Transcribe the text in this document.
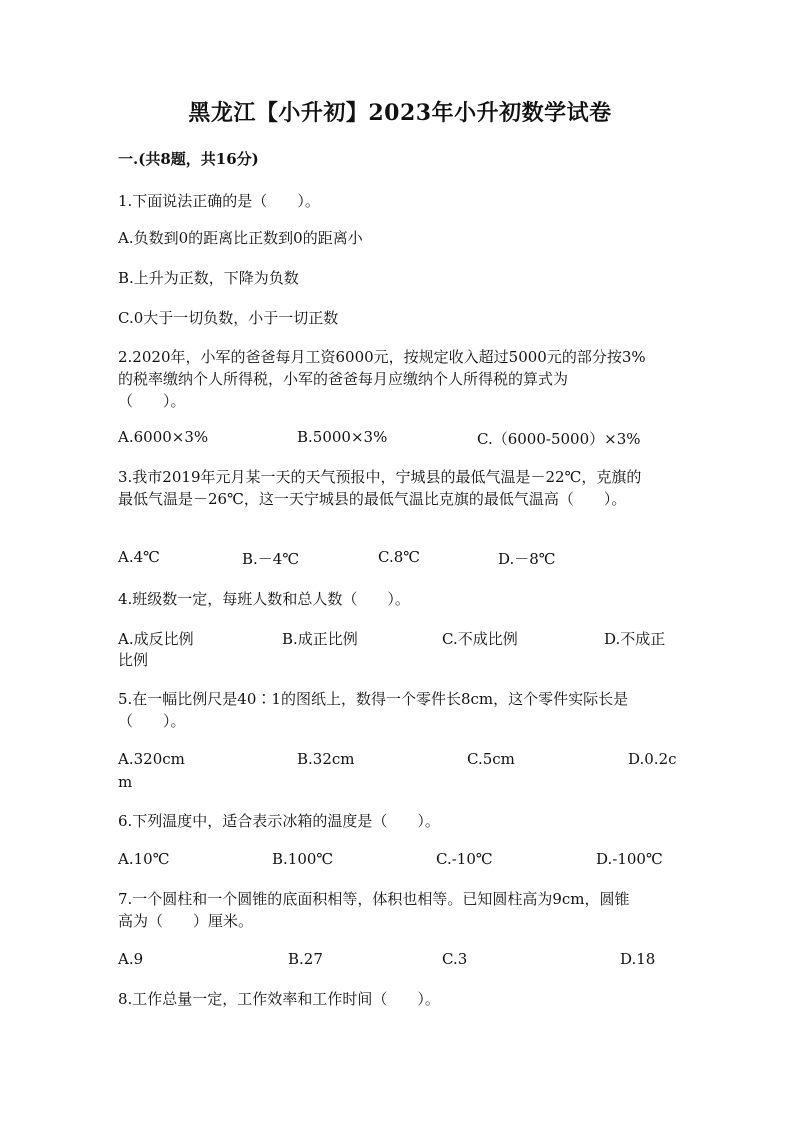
黑龙江【小升初】2023年小升初数学试卷
一.(共8题，共16分)
1.下面说法正确的是（　　）。
A.负数到0的距离比正数到0的距离小
B.上升为正数，下降为负数
C.0大于一切负数，小于一切正数
2.2020年，小军的爸爸每月工资6000元，按规定收入超过5000元的部分按3%
的税率缴纳个人所得税，小军的爸爸每月应缴纳个人所得税的算式为
（　　）。
A.6000×3%	B.5000×3%	C.（6000-5000）×3%
3.我市2019年元月某一天的天气预报中，宁城县的最低气温是－22℃，克旗的
最低气温是－26℃，这一天宁城县的最低气温比克旗的最低气温高（　　）。
A.4℃	B.－4℃	C.8℃	D.－8℃
4.班级数一定，每班人数和总人数（　　）。
A.成反比例	B.成正比例	C.不成比例	D.不成正
比例
5.在一幅比例尺是40∶1的图纸上，数得一个零件长8cm，这个零件实际长是
（　　）。
A.320cm	B.32cm	C.5cm	D.0.2c
m
6.下列温度中，适合表示冰箱的温度是（　　）。
A.10℃	B.100℃	C.-10℃	D.-100℃
7.一个圆柱和一个圆锥的底面积相等，体积也相等。已知圆柱高为9cm，圆锥
高为（　　）厘米。
A.9	B.27	C.3	D.18
8.工作总量一定，工作效率和工作时间（　　）。
